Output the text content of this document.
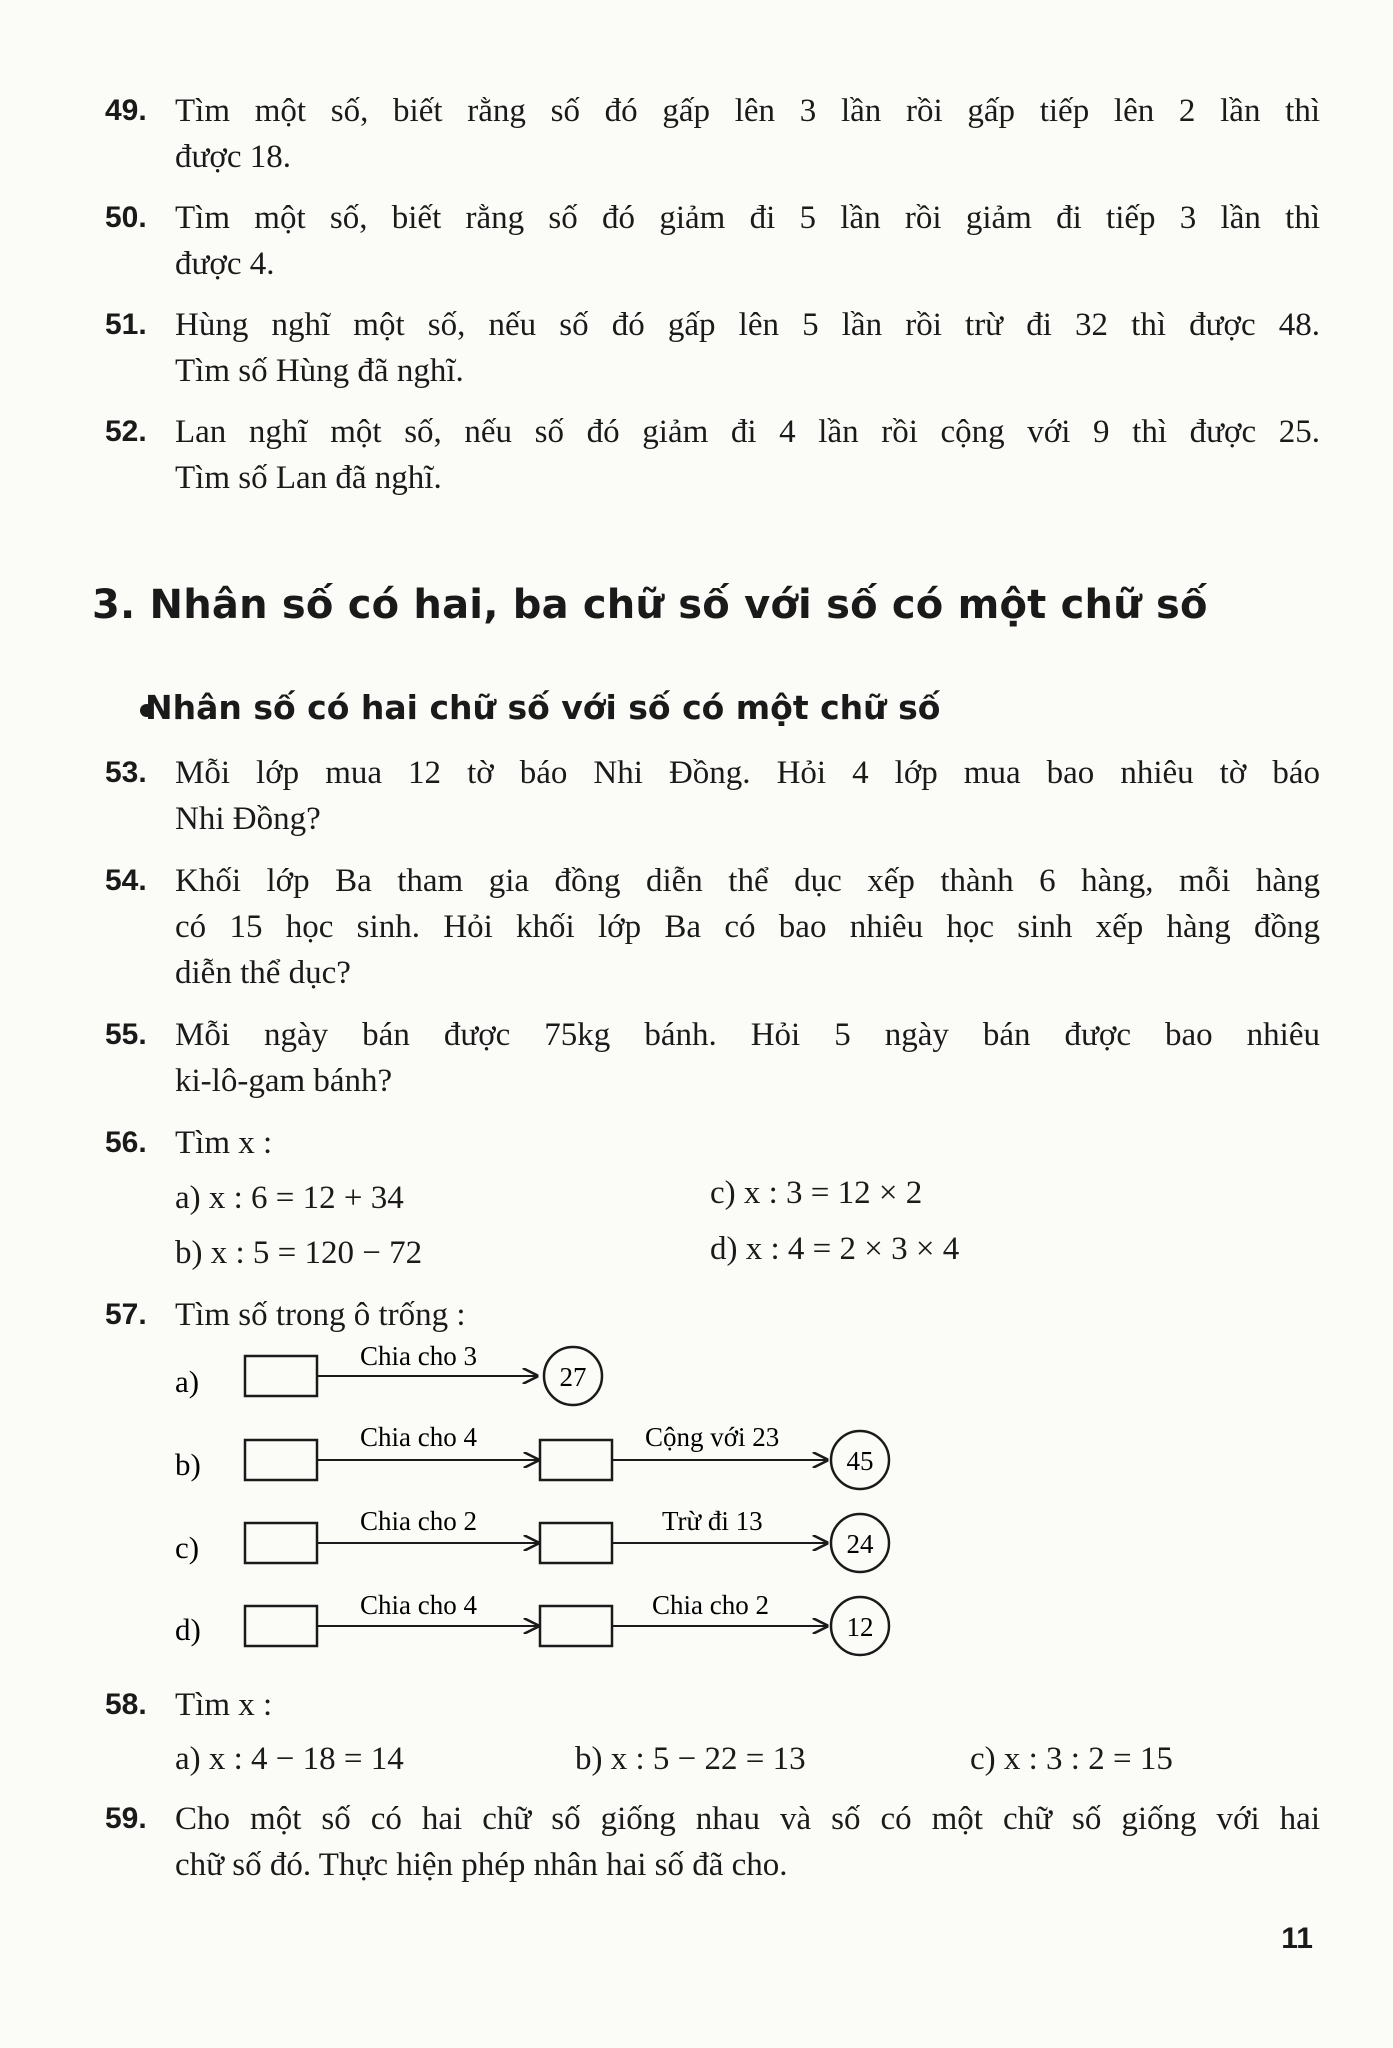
49. Tìm một số, biết rằng số đó gấp lên 3 lần rồi gấp tiếp lên 2 lần thì
được 18.
50. Tìm một số, biết rằng số đó giảm đi 5 lần rồi giảm đi tiếp 3 lần thì
được 4.
51. Hùng nghĩ một số, nếu số đó gấp lên 5 lần rồi trừ đi 32 thì được 48.
Tìm số Hùng đã nghĩ.
52. Lan nghĩ một số, nếu số đó giảm đi 4 lần rồi cộng với 9 thì được 25.
Tìm số Lan đã nghĩ.
3. Nhân số có hai, ba chữ số với số có một chữ số
Nhân số có hai chữ số với số có một chữ số
53. Mỗi lớp mua 12 tờ báo Nhi Đồng. Hỏi 4 lớp mua bao nhiêu tờ báo
Nhi Đồng?
54. Khối lớp Ba tham gia đồng diễn thể dục xếp thành 6 hàng, mỗi hàng
có 15 học sinh. Hỏi khối lớp Ba có bao nhiêu học sinh xếp hàng đồng
diễn thể dục?
55. Mỗi ngày bán được 75kg bánh. Hỏi 5 ngày bán được bao nhiêu
ki-lô-gam bánh?
56. Tìm x :
a) x : 6 = 12 + 34	c) x : 3 = 12 × 2
b) x : 5 = 120 − 72	d) x : 4 = 2 × 3 × 4
57. Tìm số trong ô trống :
a)
Chia cho 3
27
b)
Chia cho 4	Cộng với 23
45
c)
Chia cho 2	Trừ đi 13
24
d)
Chia cho 4	Chia cho 2
12
58. Tìm x :
a) x : 4 − 18 = 14	b) x : 5 − 22 = 13	c) x : 3 : 2 = 15
59. Cho một số có hai chữ số giống nhau và số có một chữ số giống với hai
chữ số đó. Thực hiện phép nhân hai số đã cho.
11
